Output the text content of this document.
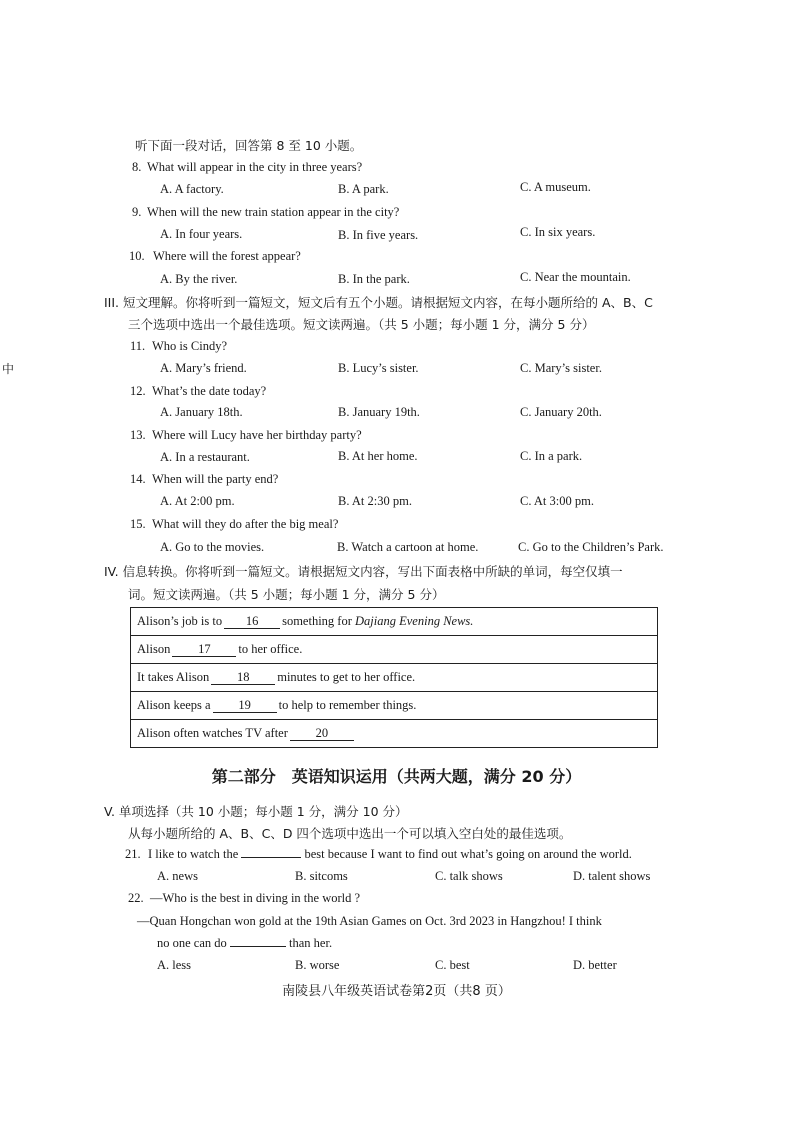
中
听下面一段对话，回答第 8 至 10 小题。
8. What will appear in the city in three years?
A. A factory.	B. A park.	C. A museum.
9. When will the new train station appear in the city?
A. In four years.	B. In five years.	C. In six years.
10. Where will the forest appear?
A. By the river.	B. In the park.	C. Near the mountain.
III. 短文理解。你将听到一篇短文，短文后有五个小题。请根据短文内容，在每小题所给的 A、B、C
三个选项中选出一个最佳选项。短文读两遍。（共 5 小题；每小题 1 分，满分 5 分）
11. Who is Cindy?
A. Mary’s friend.	B. Lucy’s sister.	C. Mary’s sister.
12. What’s the date today?
A. January 18th.	B. January 19th.	C. January 20th.
13. Where will Lucy have her birthday party?
A. In a restaurant.	B. At her home.	C. In a park.
14. When will the party end?
A. At 2:00 pm.	B. At 2:30 pm.	C. At 3:00 pm.
15. What will they do after the big meal?
A. Go to the movies.	B. Watch a cartoon at home.	C. Go to the Children’s Park.
IV. 信息转换。你将听到一篇短文。请根据短文内容，写出下面表格中所缺的单词，每空仅填一
词。短文读两遍。（共 5 小题；每小题 1 分，满分 5 分）
Alison’s job is to 16 something for Dajiang Evening News.
Alison 17 to her office.
It takes Alison 18 minutes to get to her office.
Alison keeps a 19 to help to remember things.
Alison often watches TV after 20
第二部分　英语知识运用（共两大题，满分 20 分）
V. 单项选择（共 10 小题；每小题 1 分，满分 10 分）
从每小题所给的 A、B、C、D 四个选项中选出一个可以填入空白处的最佳选项。
21. I like to watch the	best because I want to find out what’s going on around the world.
A. news	B. sitcoms	C. talk shows	D. talent shows
22. —Who is the best in diving in the world ?
—Quan Hongchan won gold at the 19th Asian Games on Oct. 3rd 2023 in Hangzhou! I think
no one can do	than her.
A. less	B. worse	C. best	D. better
南陵县八年级英语试卷第2页（共8 页）
